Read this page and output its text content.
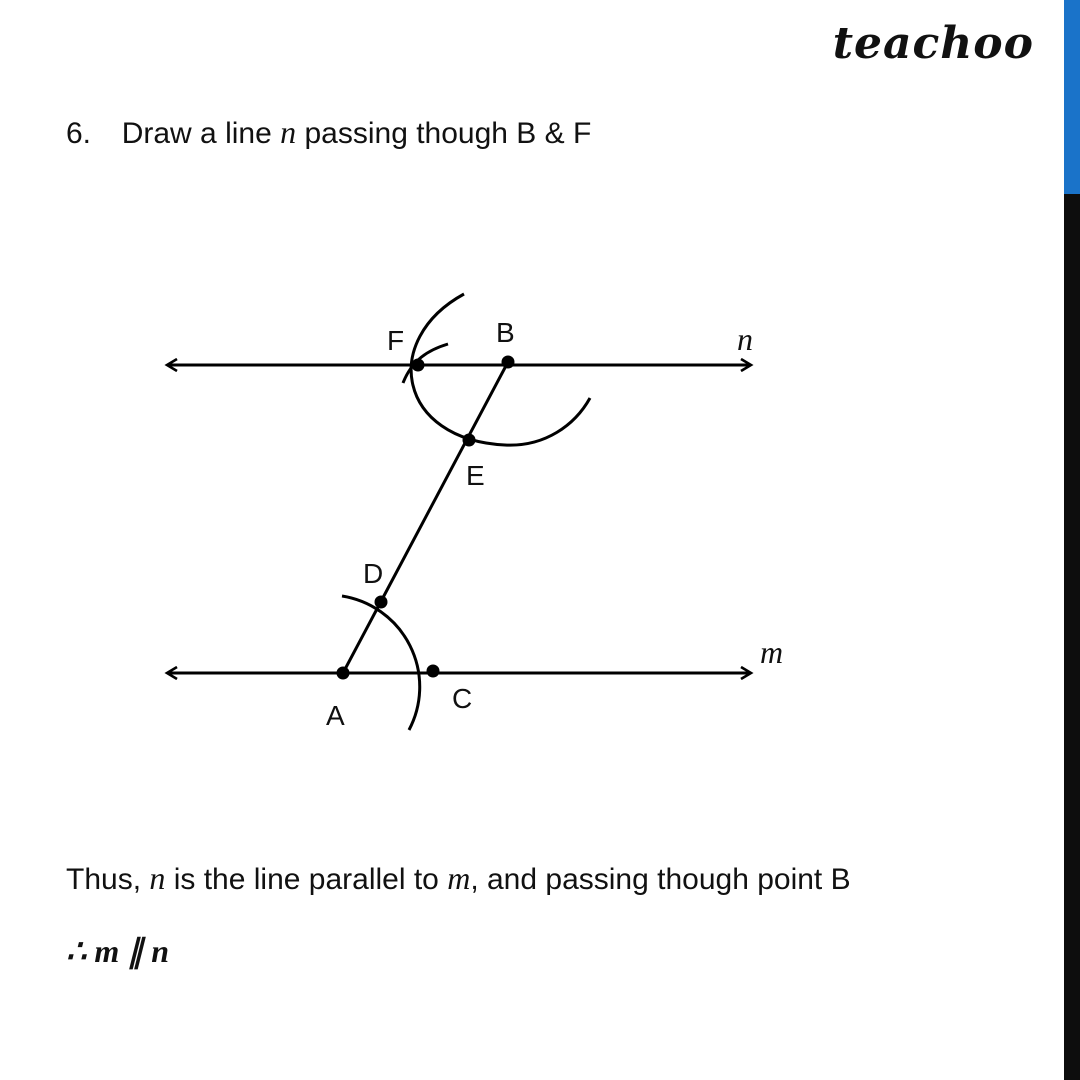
teachoo
6. Draw a line n passing though B & F
F	B
E
D
A
C
n
m
Thus, n is the line parallel to m, and passing though point B
∴ m ∥ n
